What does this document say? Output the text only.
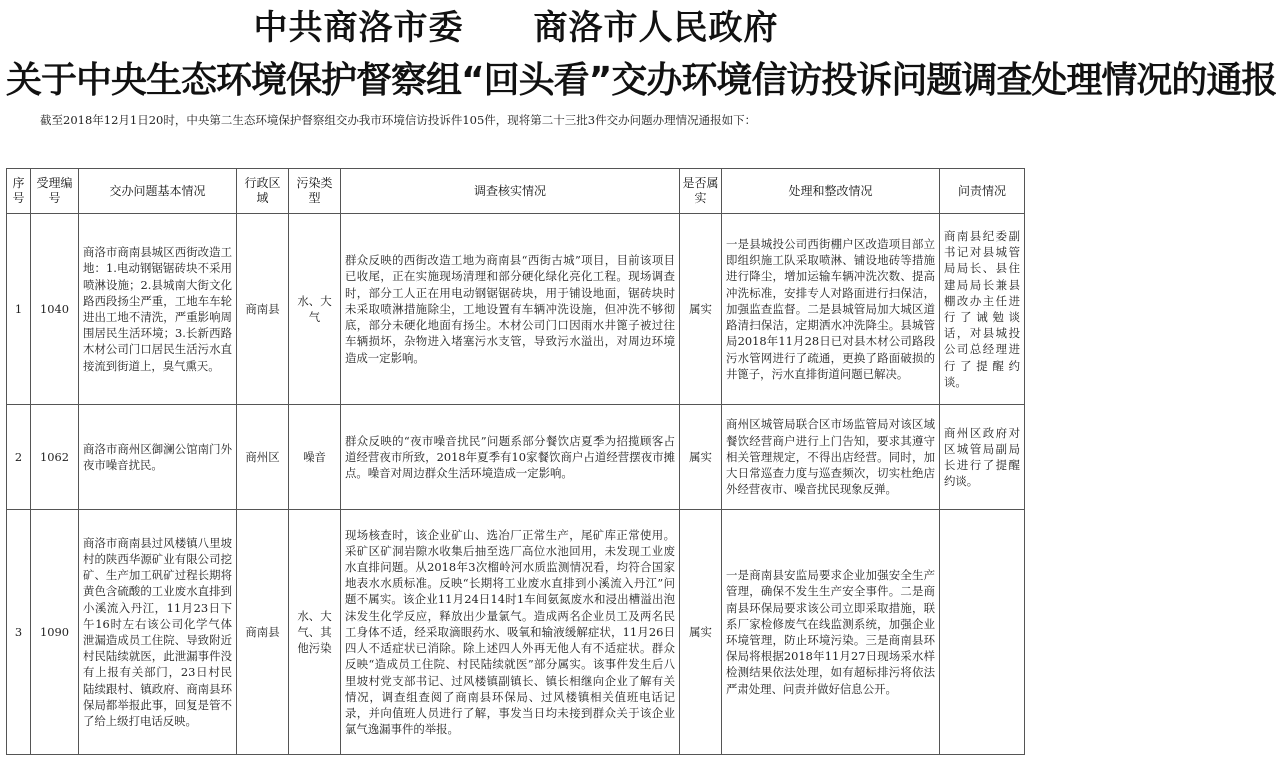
中共商洛市委　　商洛市人民政府
关于中央生态环境保护督察组“回头看”交办环境信访投诉问题调查处理情况的通报
截至2018年12月1日20时，中央第二生态环境保护督察组交办我市环境信访投诉件105件，现将第二十三批3件交办问题办理情况通报如下：
序号	受理编号	交办问题基本情况	行政区域	污染类型	调查核实情况	是否属实	处理和整改情况	问责情况
1	1040	商洛市商南县城区西街改造工地：1.电动钢锯锯砖块不采用喷淋设施；2.县城南大街文化路西段扬尘严重，工地车车轮进出工地不清洗，严重影响周围居民生活环境；3.长新西路木材公司门口居民生活污水直接流到街道上，臭气熏天。	商南县	水、大气	群众反映的西街改造工地为商南县“西街古城”项目，目前该项目已收尾，正在实施现场清理和部分硬化绿化亮化工程。现场调查时，部分工人正在用电动钢锯锯砖块，用于铺设地面，锯砖块时未采取喷淋措施除尘，工地设置有车辆冲洗设施，但冲洗不够彻底，部分未硬化地面有扬尘。木材公司门口因雨水井篦子被过往车辆损坏，杂物进入堵塞污水支管，导致污水溢出，对周边环境造成一定影响。	属实	一是县城投公司西街棚户区改造项目部立即组织施工队采取喷淋、铺设地砖等措施进行降尘，增加运输车辆冲洗次数、提高冲洗标准，安排专人对路面进行扫保洁，加强监查监督。二是县城管局加大城区道路清扫保洁，定期洒水冲洗降尘。县城管局2018年11月28日已对县木材公司路段污水管网进行了疏通，更换了路面破损的井篦子，污水直排街道问题已解决。	商南县纪委副书记对县城管局局长、县住建局局长兼县棚改办主任进行了诫勉谈话，对县城投公司总经理进行了提醒约谈。
2	1062	商洛市商州区御澜公馆南门外夜市噪音扰民。	商州区	噪音	群众反映的“夜市噪音扰民”问题系部分餐饮店夏季为招揽顾客占道经营夜市所致，2018年夏季有10家餐饮商户占道经营摆夜市摊点。噪音对周边群众生活环境造成一定影响。	属实	商州区城管局联合区市场监管局对该区域餐饮经营商户进行上门告知，要求其遵守相关管理规定，不得出店经营。同时，加大日常巡查力度与巡查频次，切实杜绝店外经营夜市、噪音扰民现象反弹。	商州区政府对区城管局副局长进行了提醒约谈。
3	1090	商洛市商南县过风楼镇八里坡村的陕西华源矿业有限公司挖矿、生产加工矾矿过程长期将黄色含硫酸的工业废水直排到小溪流入丹江，11月23日下午16时左右该公司化学气体泄漏造成员工住院、导致附近村民陆续就医，此泄漏事件没有上报有关部门，23日村民陆续跟村、镇政府、商南县环保局都举报此事，回复是管不了给上级打电话反映。	商南县	水、大气、其他污染	现场核查时，该企业矿山、选冶厂正常生产，尾矿库正常使用。采矿区矿洞岩隙水收集后抽至选厂高位水池回用，未发现工业废水直排问题。从2018年3次榴岭河水质监测情况看，均符合国家地表水水质标准。反映“长期将工业废水直排到小溪流入丹江”问题不属实。该企业11月24日14时1车间氨氮废水和浸出槽溢出泡沫发生化学反应，释放出少量氯气。造成两名企业员工及两名民工身体不适，经采取滴眼药水、吸氧和输液缓解症状，11月26日四人不适症状已消除。除上述四人外再无他人有不适症状。群众反映“造成员工住院、村民陆续就医”部分属实。该事件发生后八里坡村党支部书记、过风楼镇副镇长、镇长相继向企业了解有关情况，调查组查阅了商南县环保局、过风楼镇相关值班电话记录，并向值班人员进行了解，事发当日均未接到群众关于该企业氯气逸漏事件的举报。	属实	一是商南县安监局要求企业加强安全生产管理，确保不发生生产安全事件。二是商南县环保局要求该公司立即采取措施，联系厂家检修废气在线监测系统，加强企业环境管理，防止环境污染。三是商南县环保局将根据2018年11月27日现场采水样检测结果依法处理，如有超标排污将依法严肃处理、问责并做好信息公开。	
